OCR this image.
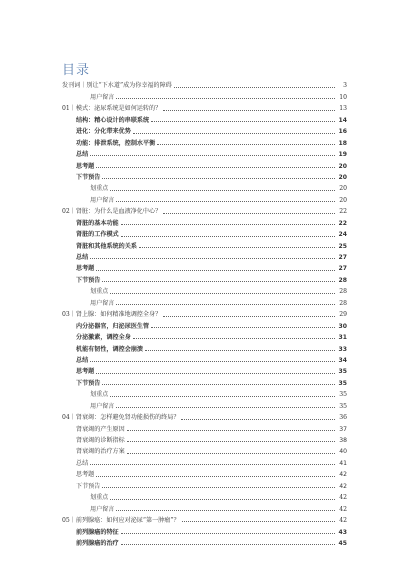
目录
发刊词｜别让“下水道”成为你幸福的障碍	3
用户留言	10
01｜模式：泌尿系统是如何运转的？	13
结构：精心设计的串联系统	14
进化：分化带来优势	16
功能：排泄系统，控制水平衡	18
总结	19
思考题	20
下节预告	20
划重点	20
用户留言	20
02｜肾脏：为什么是血液净化中心？	22
肾脏的基本功能	22
肾脏的工作模式	24
肾脏和其他系统的关系	25
总结	27
思考题	27
下节预告	28
划重点	28
用户留言	28
03｜肾上腺：如何精准地调控全身？	29
内分泌器官，归泌尿医生管	30
分泌激素，调控全身	31
机能有韧性，调控会崩溃	33
总结	34
思考题	35
下节预告	35
划重点	35
用户留言	35
04｜肾衰竭：怎样避免肾功能损伤的终局？	36
肾衰竭的产生原因	37
肾衰竭的诊断指标	38
肾衰竭的治疗方案	40
总结	41
思考题	42
下节预告	42
划重点	42
用户留言	42
05｜前列腺癌：如何应对泌尿“第一肿瘤”？	42
前列腺癌的特征	43
前列腺癌的治疗	45
